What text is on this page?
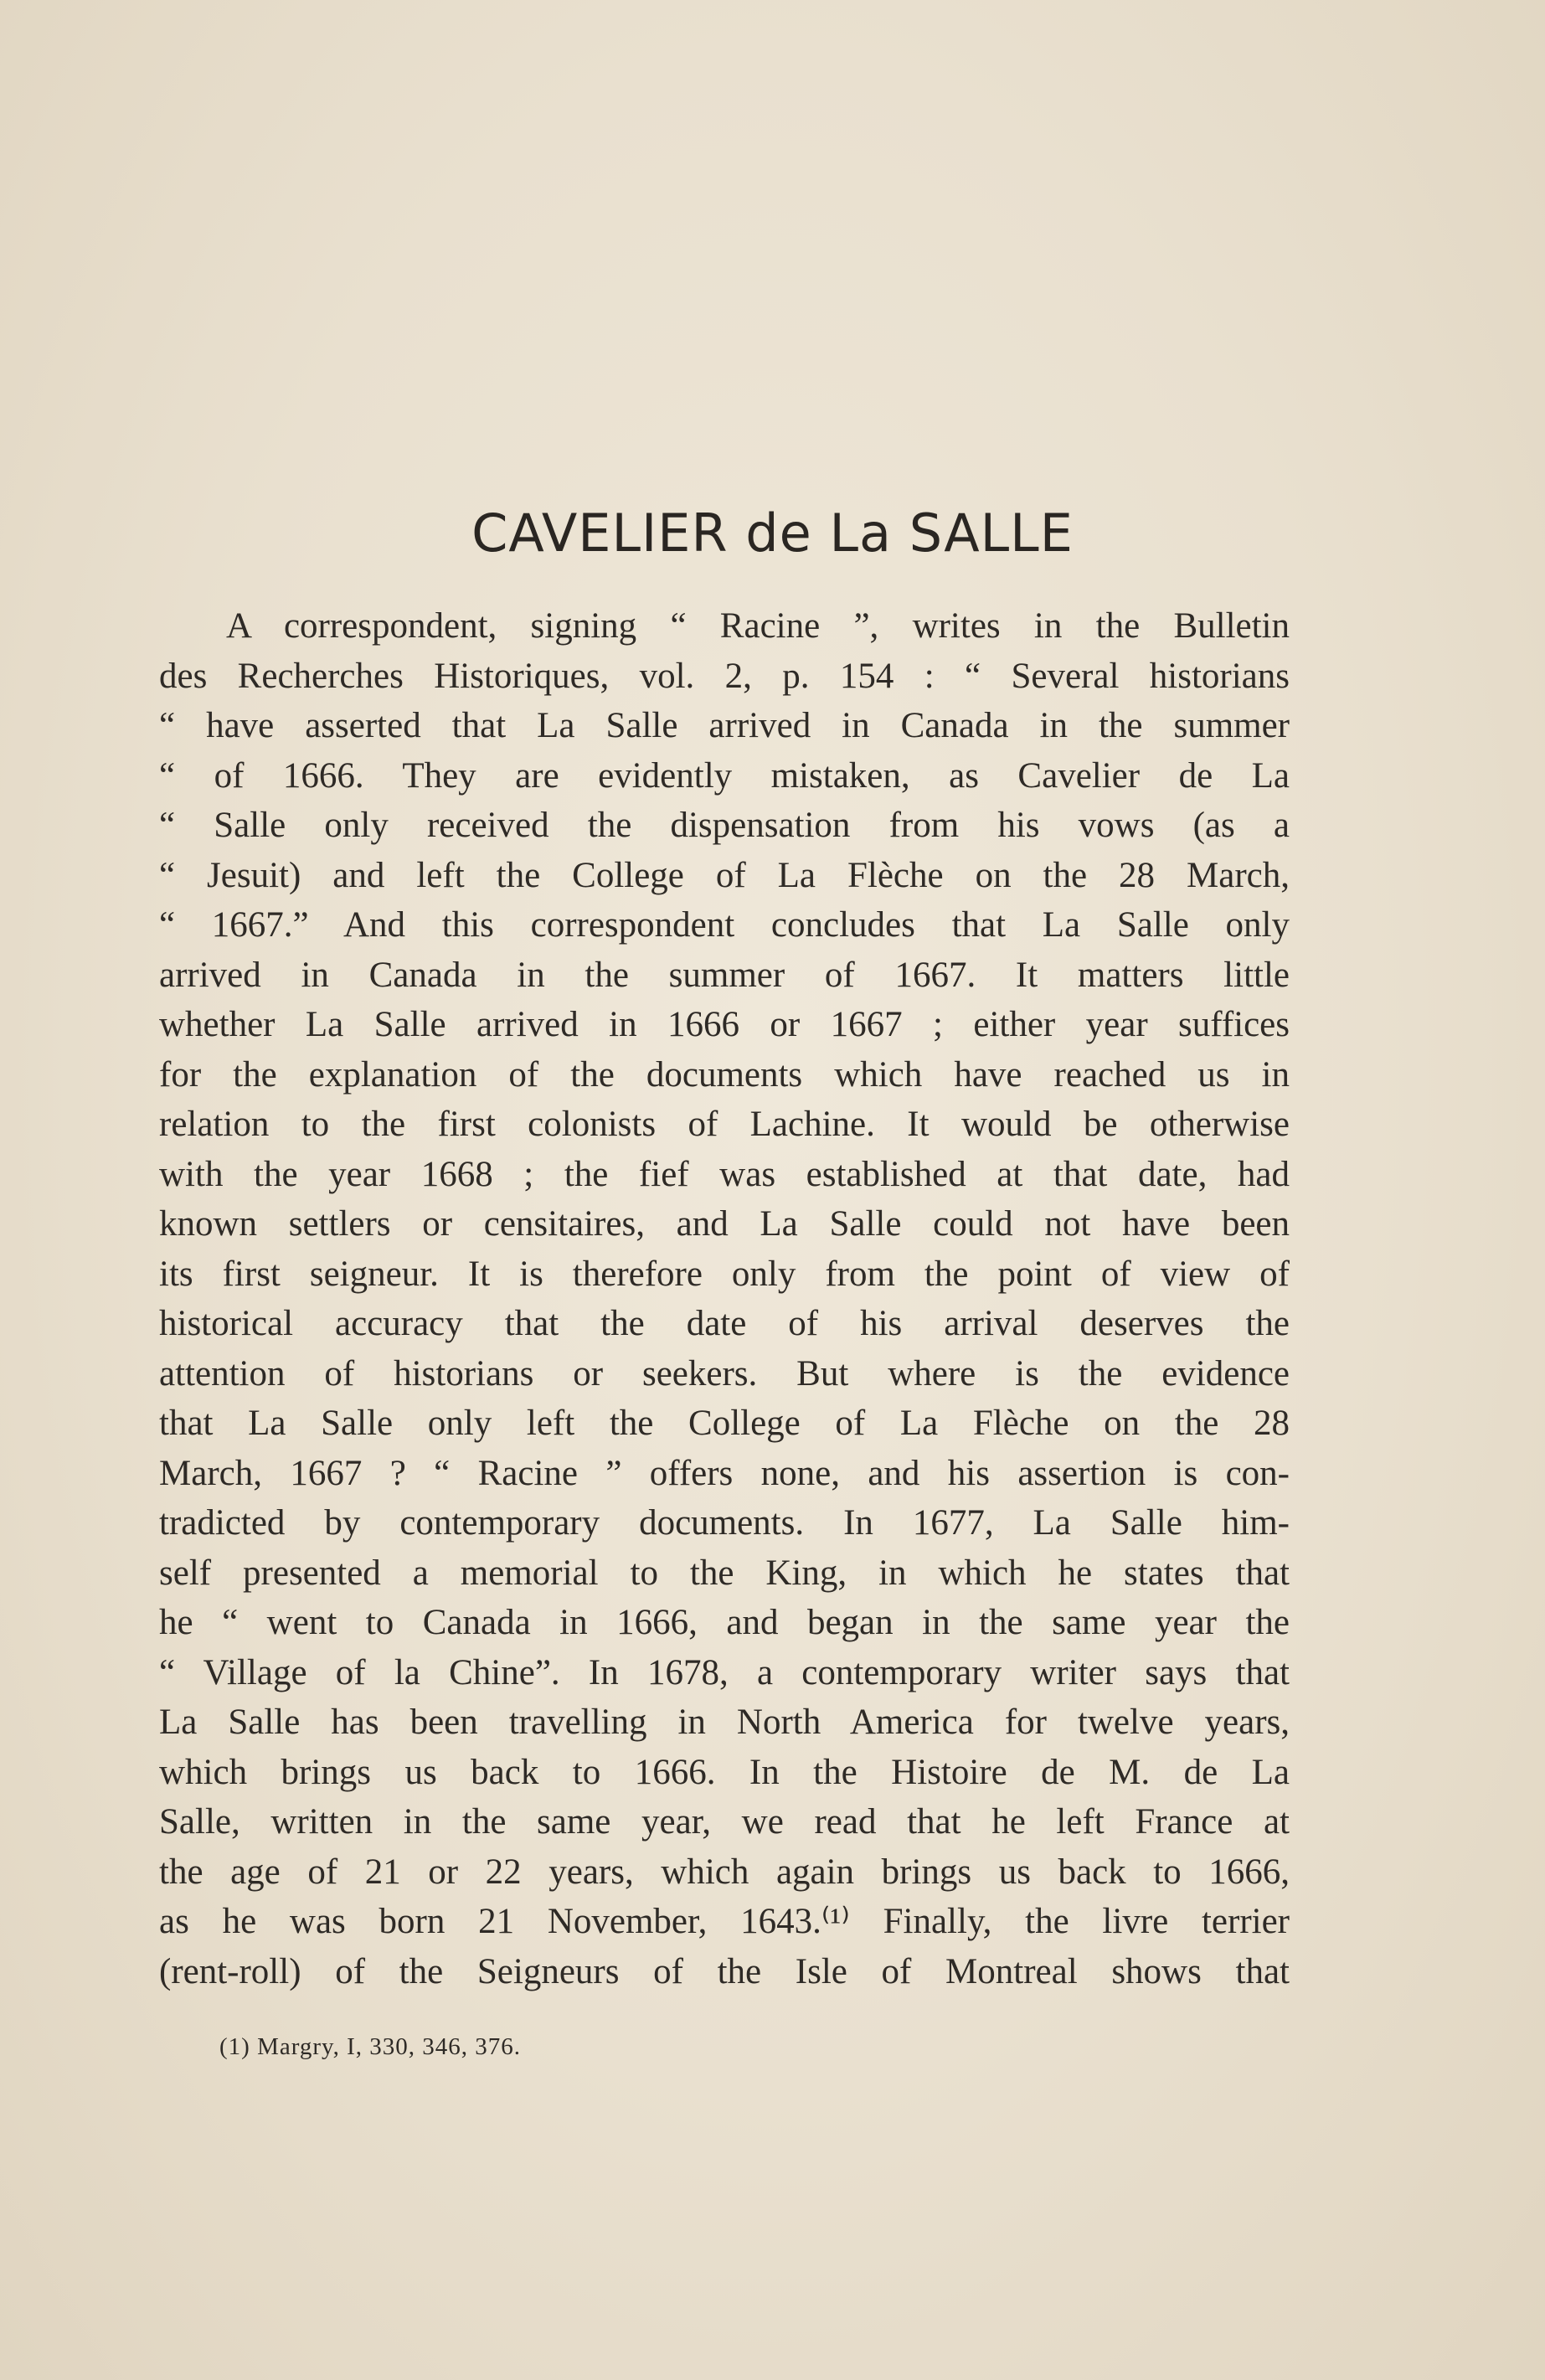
CAVELIER de La SALLE
A correspondent, signing “ Racine ”, writes in the Bulletin
des Recherches Historiques, vol. 2, p. 154 : “ Several historians
“ have asserted that La Salle arrived in Canada in the summer
“ of 1666. They are evidently mistaken, as Cavelier de La
“ Salle only received the dispensation from his vows (as a
“ Jesuit) and left the College of La Flèche on the 28 March,
“ 1667.” And this correspondent concludes that La Salle only
arrived in Canada in the summer of 1667. It matters little
whether La Salle arrived in 1666 or 1667 ; either year suffices
for the explanation of the documents which have reached us in
relation to the first colonists of Lachine. It would be otherwise
with the year 1668 ; the fief was established at that date, had
known settlers or censitaires, and La Salle could not have been
its first seigneur. It is therefore only from the point of view of
historical accuracy that the date of his arrival deserves the
attention of historians or seekers. But where is the evidence
that La Salle only left the College of La Flèche on the 28
March, 1667 ? “ Racine ” offers none, and his assertion is con-
tradicted by contemporary documents. In 1677, La Salle him-
self presented a memorial to the King, in which he states that
he “ went to Canada in 1666, and began in the same year the
“ Village of la Chine”. In 1678, a contemporary writer says that
La Salle has been travelling in North America for twelve years,
which brings us back to 1666. In the Histoire de M. de La
Salle, written in the same year, we read that he left France at
the age of 21 or 22 years, which again brings us back to 1666,
as he was born 21 November, 1643.⁽¹⁾ Finally, the livre terrier
(rent-roll) of the Seigneurs of the Isle of Montreal shows that
(1) Margry, I, 330, 346, 376.
